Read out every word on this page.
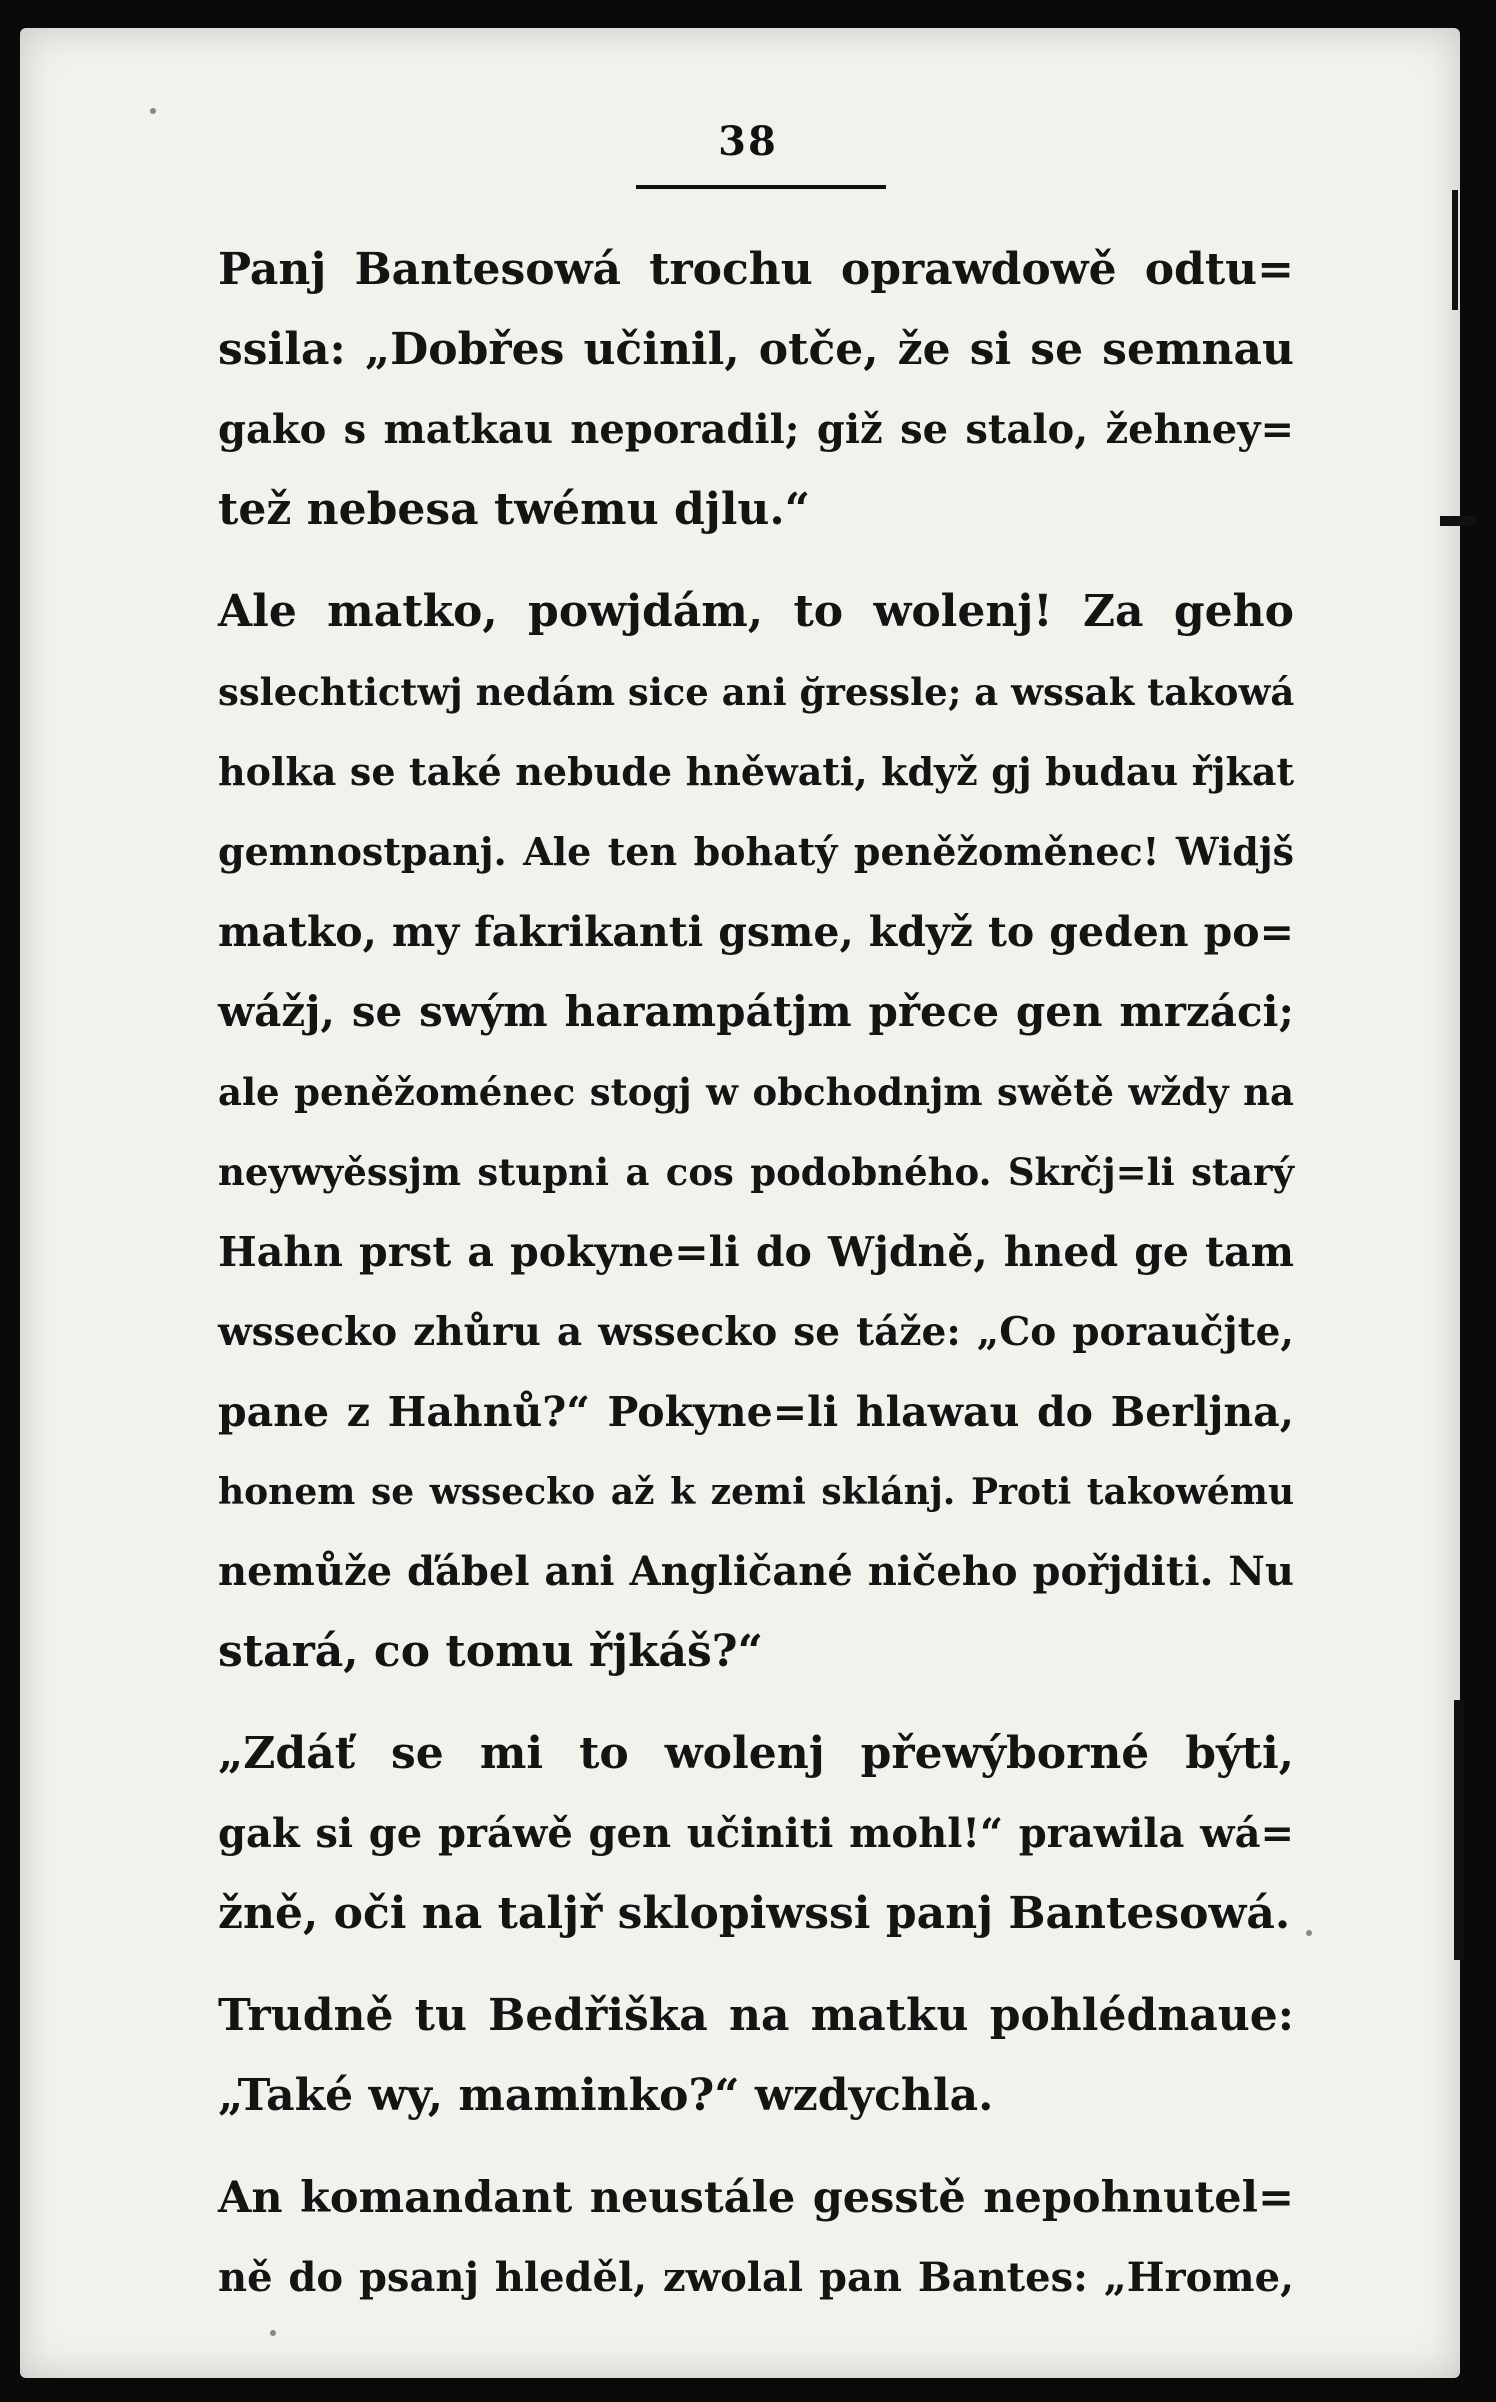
38
Panj Bantesowá trochu oprawdowě odtu=
ssila: „Dobřes učinil, otče, že si se semnau
gako s matkau neporadil; giž se stalo, žehney=
tež nebesa twému djlu.“
Ale matko, powjdám, to wolenj! Za geho
sslechtictwj nedám sice ani ğresslе; a wssak takowá
holka se také nebude hněwati, když gj budau řjkat
gemnostpanj. Ale ten bohatý peněžoměnec! Widjš
matko, my fakrikanti gsme, když to geden po=
wážj, se swým harampátjm přece gen mrzáci;
ale peněžoménec stogj w obchodnjm swětě wždy na
neywyěssjm stupni a cos podobného. Skrčj=li starý
Hahn prst a pokyne=li do Wjdně, hned ge tam
wssecko zhůru a wssecko se táže: „Co poraučjte,
pane z Hahnů?“ Pokyne=li hlawau do Berljna,
honem se wssecko až k zemi sklánj. Proti takowému
nemůže ďábel ani Angličané ničeho pořjditi. Nu
stará, co tomu řjkáš?“
„Zdáť se mi to wolenj přewýborné býti,
gak si ge práwě gen učiniti mohl!“ prawila wá=
žně, oči na taljř sklopiwssi panj Bantesowá.
Trudně tu Bedřiška na matku pohlédnaue:
„Také wy, maminko?“ wzdychla.
An komandant neustále gesstě nepohnutel=
ně do psanj hleděl, zwolal pan Bantes: „Hrome,
